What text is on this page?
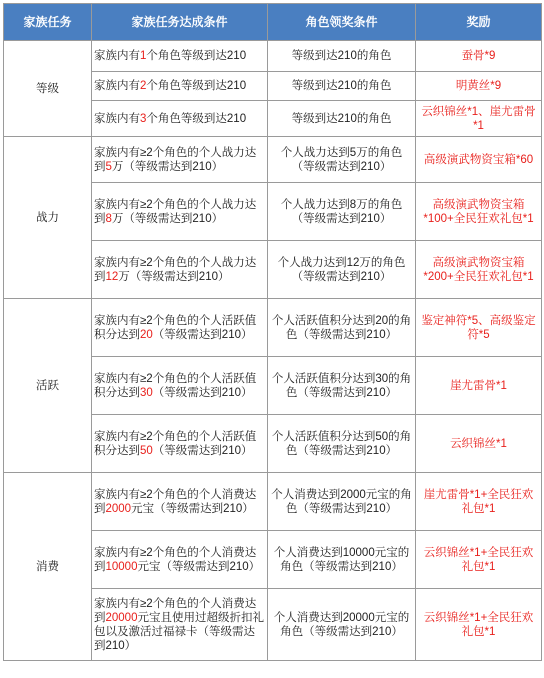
家族任务	家族任务达成条件	角色领奖条件	奖励
等级	家族内有1个角色等级到达210	等级到达210的角色	蚕骨*9
	家族内有2个角色等级到达210	等级到达210的角色	明黄丝*9
	家族内有3个角色等级到达210	等级到达210的角色	云织锦丝*1、崖尤雷骨*1
战力	家族内有≥2个角色的个人战力达到5万（等级需达到210）	个人战力达到5万的角色（等级需达到210）	高级演武物资宝箱*60
	家族内有≥2个角色的个人战力达到8万（等级需达到210）	个人战力达到8万的角色（等级需达到210）	高级演武物资宝箱*100+全民狂欢礼包*1
	家族内有≥2个角色的个人战力达到12万（等级需达到210）	个人战力达到12万的角色（等级需达到210）	高级演武物资宝箱*200+全民狂欢礼包*1
活跃	家族内有≥2个角色的个人活跃值积分达到20（等级需达到210）	个人活跃值积分达到20的角色（等级需达到210）	鉴定神符*5、高级鉴定符*5
	家族内有≥2个角色的个人活跃值积分达到30（等级需达到210）	个人活跃值积分达到30的角色（等级需达到210）	崖尤雷骨*1
	家族内有≥2个角色的个人活跃值积分达到50（等级需达到210）	个人活跃值积分达到50的角色（等级需达到210）	云织锦丝*1
消费	家族内有≥2个角色的个人消费达到2000元宝（等级需达到210）	个人消费达到2000元宝的角色（等级需达到210）	崖尤雷骨*1+全民狂欢礼包*1
	家族内有≥2个角色的个人消费达到10000元宝（等级需达到210）	个人消费达到10000元宝的角色（等级需达到210）	云织锦丝*1+全民狂欢礼包*1
	家族内有≥2个角色的个人消费达到20000元宝且使用过超级折扣礼包以及激活过福禄卡（等级需达到210）	个人消费达到20000元宝的角色（等级需达到210）	云织锦丝*1+全民狂欢礼包*1
